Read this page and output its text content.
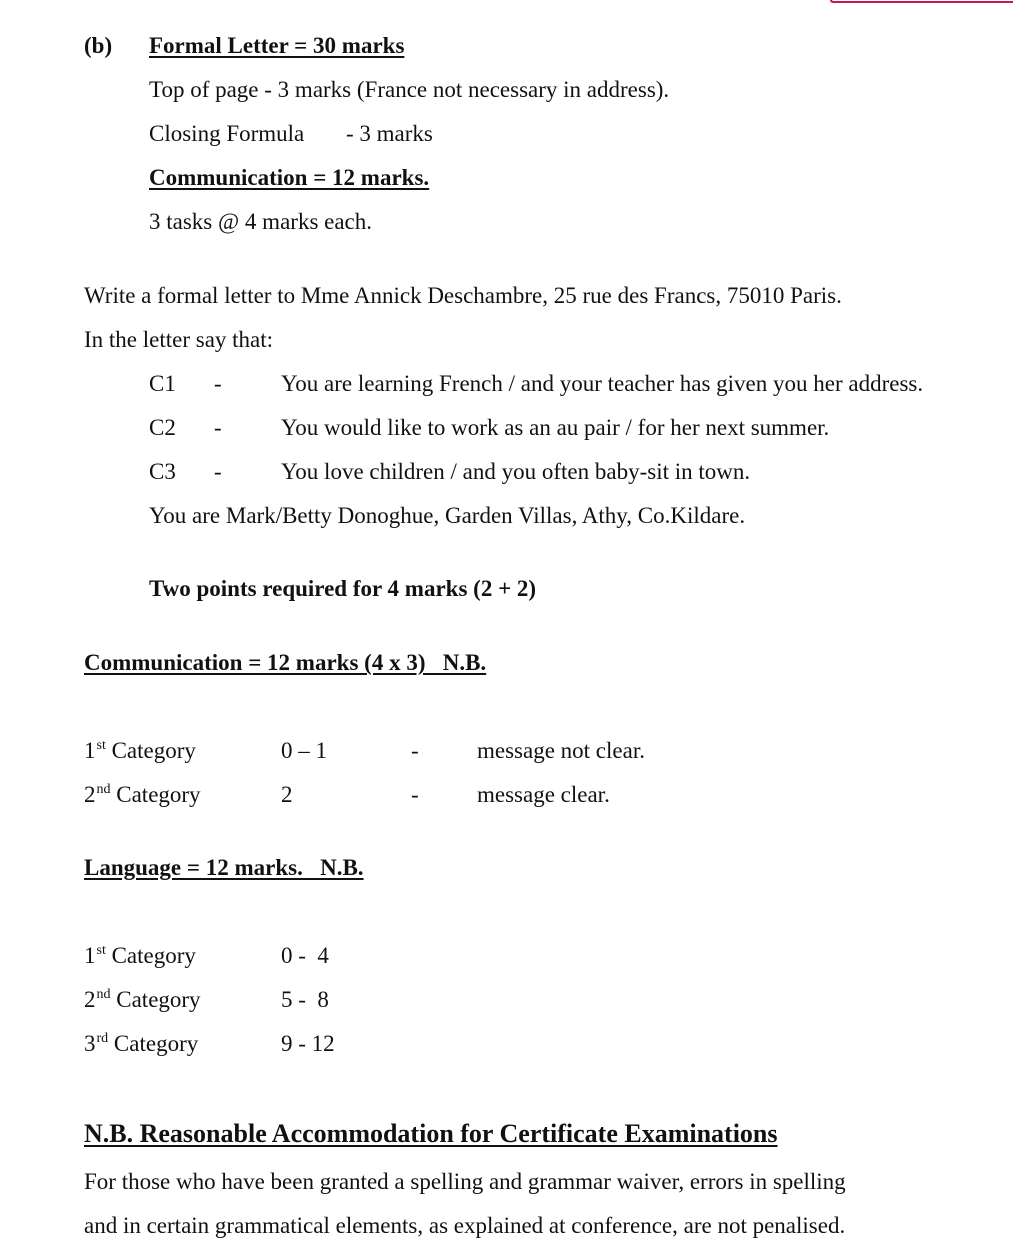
(b) Formal Letter = 30 marks
Top of page - 3 marks (France not necessary in address).
Closing Formula - 3 marks
Communication = 12 marks.
3 tasks @ 4 marks each.
Write a formal letter to Mme Annick Deschambre, 25 rue des Francs, 75010 Paris.
In the letter say that:
C1 -	You are learning French / and your teacher has given you her address.
C2 -	You would like to work as an au pair / for her next summer.
C3 -	You love children / and you often baby-sit in town.
You are Mark/Betty Donoghue, Garden Villas, Athy, Co.Kildare.
Two points required for 4 marks (2 + 2)
Communication = 12 marks (4 x 3)   N.B.
1st Category	0 – 1	-	message not clear.
2nd Category	2	-	message clear.
Language = 12 marks.   N.B.
1st Category	0 -  4
2nd Category	5 -  8
3rd Category	9 - 12
N.B. Reasonable Accommodation for Certificate Examinations
For those who have been granted a spelling and grammar waiver, errors in spelling
and in certain grammatical elements, as explained at conference, are not penalised.
